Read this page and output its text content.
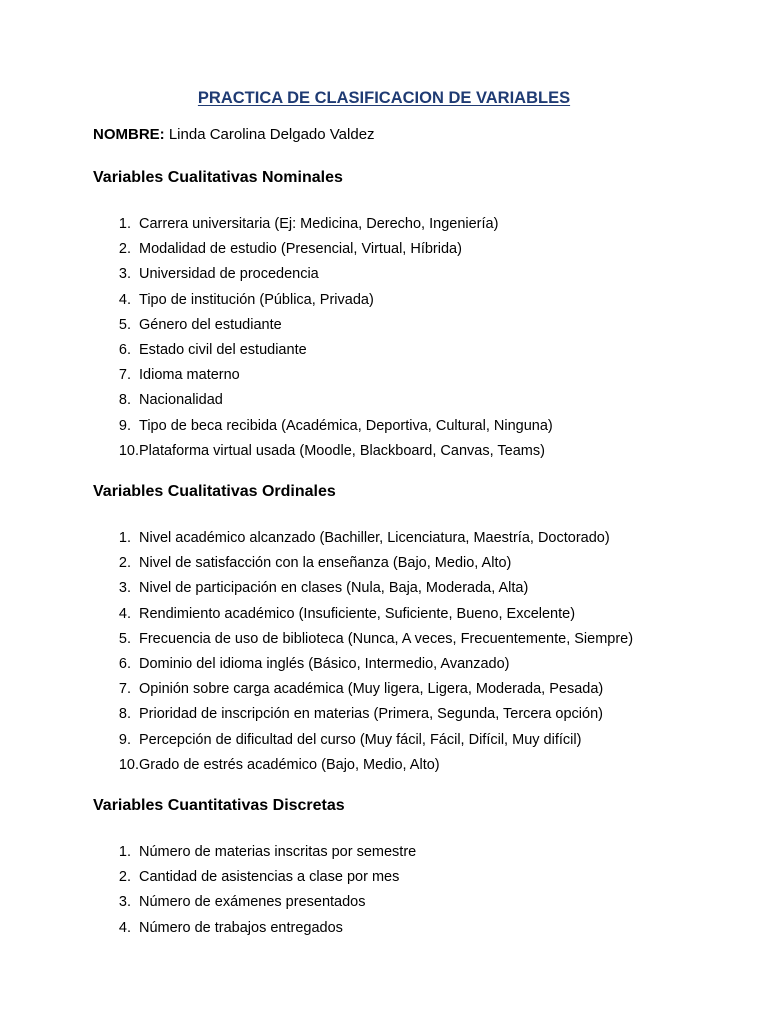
PRACTICA DE CLASIFICACION DE VARIABLES
NOMBRE: Linda Carolina Delgado Valdez
Variables Cualitativas Nominales
1. Carrera universitaria (Ej: Medicina, Derecho, Ingeniería)
2. Modalidad de estudio (Presencial, Virtual, Híbrida)
3. Universidad de procedencia
4. Tipo de institución (Pública, Privada)
5. Género del estudiante
6. Estado civil del estudiante
7. Idioma materno
8. Nacionalidad
9. Tipo de beca recibida (Académica, Deportiva, Cultural, Ninguna)
10. Plataforma virtual usada (Moodle, Blackboard, Canvas, Teams)
Variables Cualitativas Ordinales
1. Nivel académico alcanzado (Bachiller, Licenciatura, Maestría, Doctorado)
2. Nivel de satisfacción con la enseñanza (Bajo, Medio, Alto)
3. Nivel de participación en clases (Nula, Baja, Moderada, Alta)
4. Rendimiento académico (Insuficiente, Suficiente, Bueno, Excelente)
5. Frecuencia de uso de biblioteca (Nunca, A veces, Frecuentemente, Siempre)
6. Dominio del idioma inglés (Básico, Intermedio, Avanzado)
7. Opinión sobre carga académica (Muy ligera, Ligera, Moderada, Pesada)
8. Prioridad de inscripción en materias (Primera, Segunda, Tercera opción)
9. Percepción de dificultad del curso (Muy fácil, Fácil, Difícil, Muy difícil)
10. Grado de estrés académico (Bajo, Medio, Alto)
Variables Cuantitativas Discretas
1. Número de materias inscritas por semestre
2. Cantidad de asistencias a clase por mes
3. Número de exámenes presentados
4. Número de trabajos entregados
